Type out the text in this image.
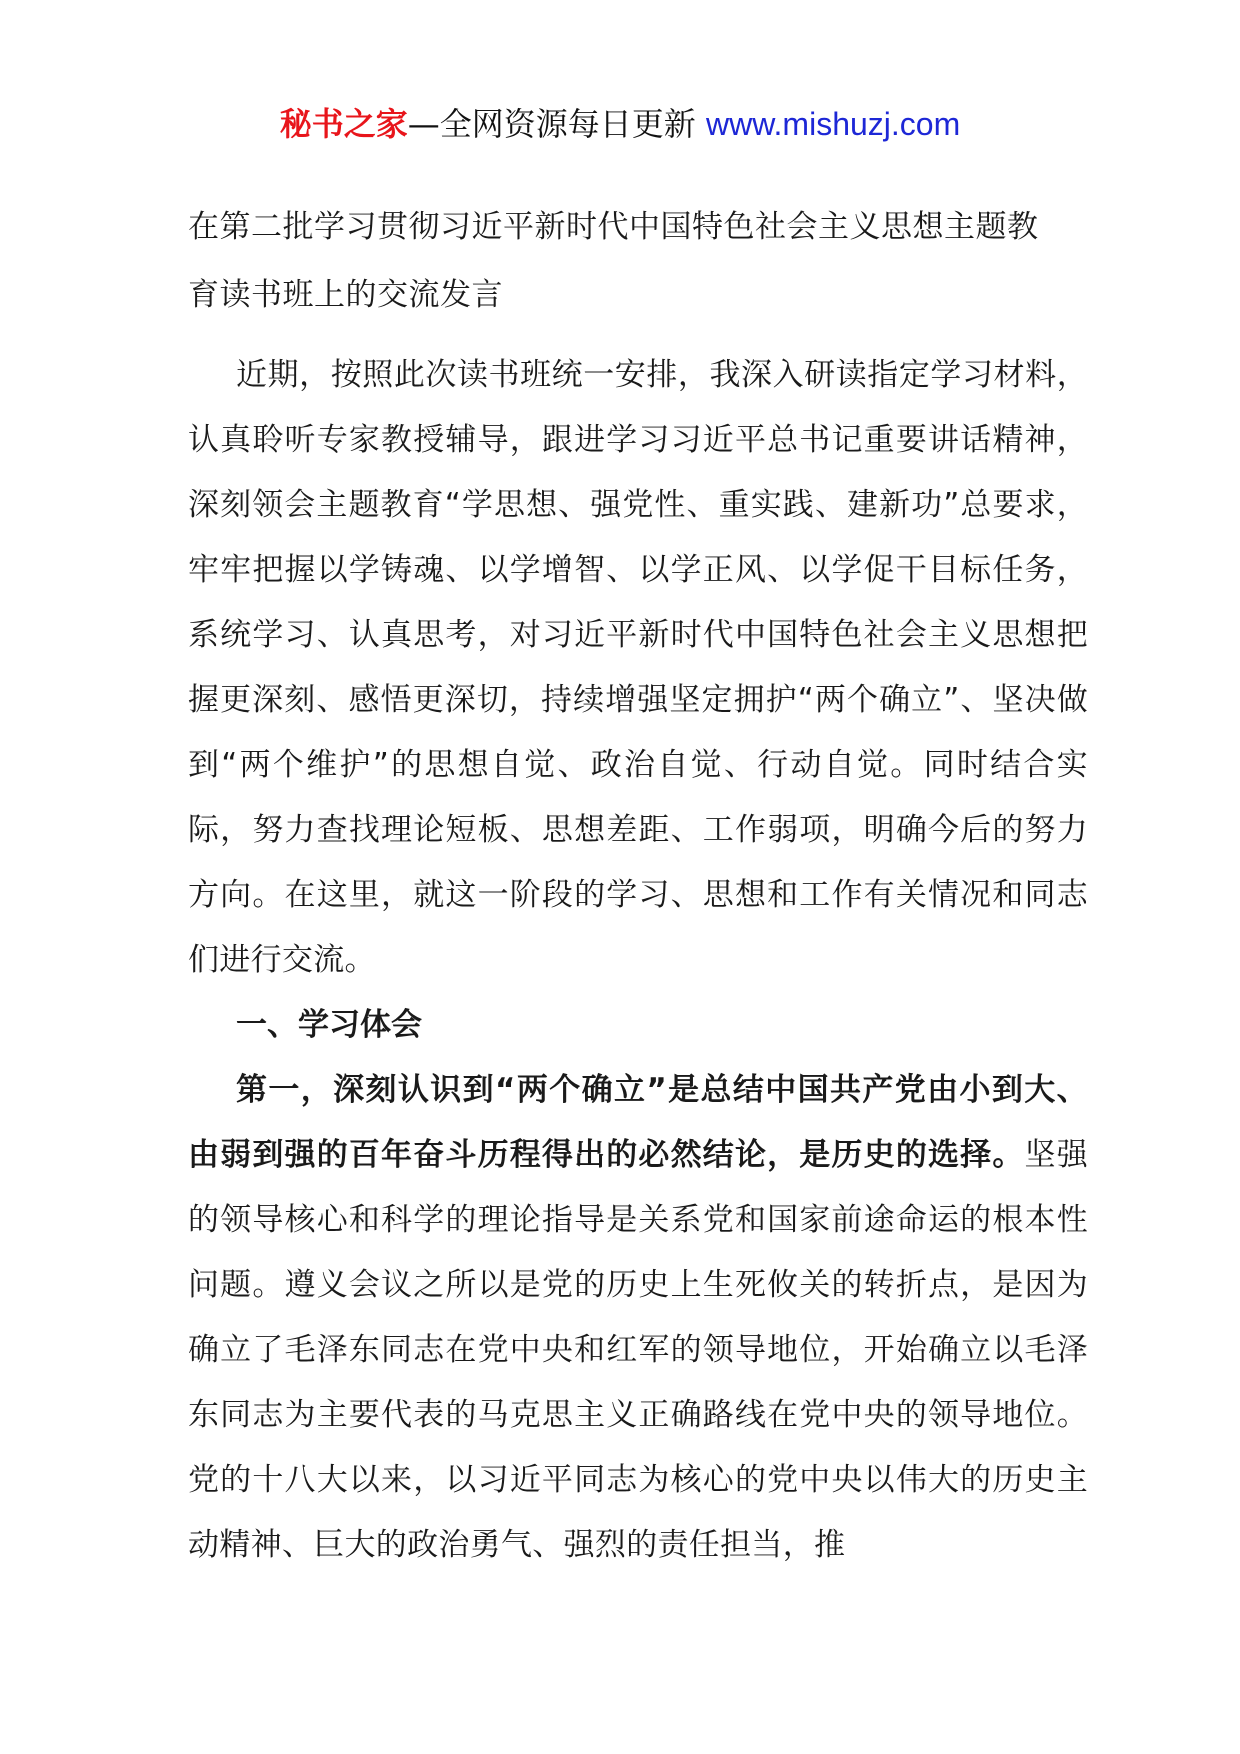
秘书之家—全网资源每日更新 www.mishuzj.com
在第二批学习贯彻习近平新时代中国特色社会主义思想主题教育读书班上的交流发言

近期，按照此次读书班统一安排，我深入研读指定学习材料，认真聆听专家教授辅导，跟进学习习近平总书记重要讲话精神，深刻领会主题教育“学思想、强党性、重实践、建新功”总要求，牢牢把握以学铸魂、以学增智、以学正风、以学促干目标任务，系统学习、认真思考，对习近平新时代中国特色社会主义思想把握更深刻、感悟更深切，持续增强坚定拥护“两个确立”、坚决做到“两个维护”的思想自觉、政治自觉、行动自觉。同时结合实际，努力查找理论短板、思想差距、工作弱项，明确今后的努力方向。在这里，就这一阶段的学习、思想和工作有关情况和同志们进行交流。

一、学习体会

第一，深刻认识到“两个确立”是总结中国共产党由小到大、由弱到强的百年奋斗历程得出的必然结论，是历史的选择。坚强的领导核心和科学的理论指导是关系党和国家前途命运的根本性问题。遵义会议之所以是党的历史上生死攸关的转折点，是因为确立了毛泽东同志在党中央和红军的领导地位，开始确立以毛泽东同志为主要代表的马克思主义正确路线在党中央的领导地位。党的十八大以来，以习近平同志为核心的党中央以伟大的历史主动精神、巨大的政治勇气、强烈的责任担当，推
